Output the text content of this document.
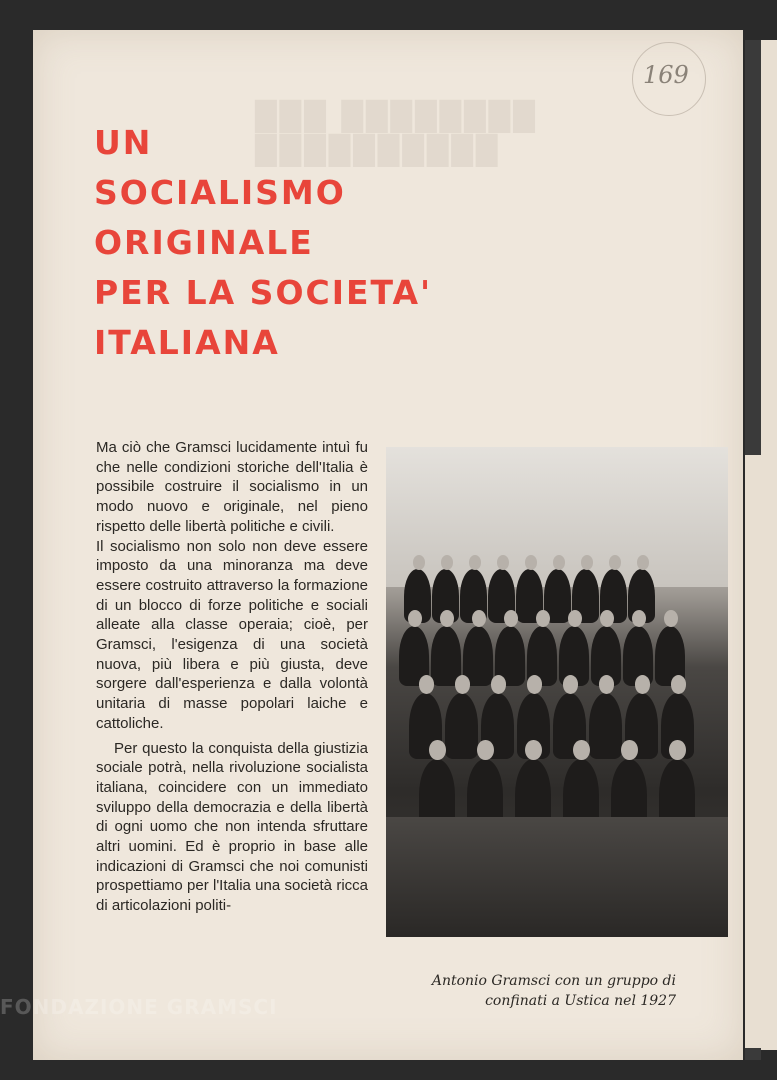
███ ████████
██████████
169
UN
SOCIALISMO
ORIGINALE
PER LA SOCIETA'
ITALIANA

Ma ciò che Gramsci lucidamente intuì fu che nelle condizioni storiche dell'Italia è possibile costruire il socialismo in un modo nuovo e originale, nel pieno rispetto delle libertà politiche e civili.

Il socialismo non solo non deve essere imposto da una minoranza ma deve essere costruito attraverso la formazione di un blocco di forze politiche e sociali alleate alla classe operaia; cioè, per Gramsci, l'esigenza di una società nuova, più libera e più giusta, deve sorgere dall'esperienza e dalla volontà unitaria di masse popolari laiche e cattoliche.

Per questo la conquista della giustizia sociale potrà, nella rivoluzione socialista italiana, coincidere con un immediato sviluppo della democrazia e della libertà di ogni uomo che non intenda sfruttare altri uomini. Ed è proprio in base alle indicazioni di Gramsci che noi comunisti prospettiamo per l'Italia una società ricca di articolazioni politi-

Antonio Gramsci con un gruppo di confinati a Ustica nel 1927
FONDAZIONE GRAMSCI
